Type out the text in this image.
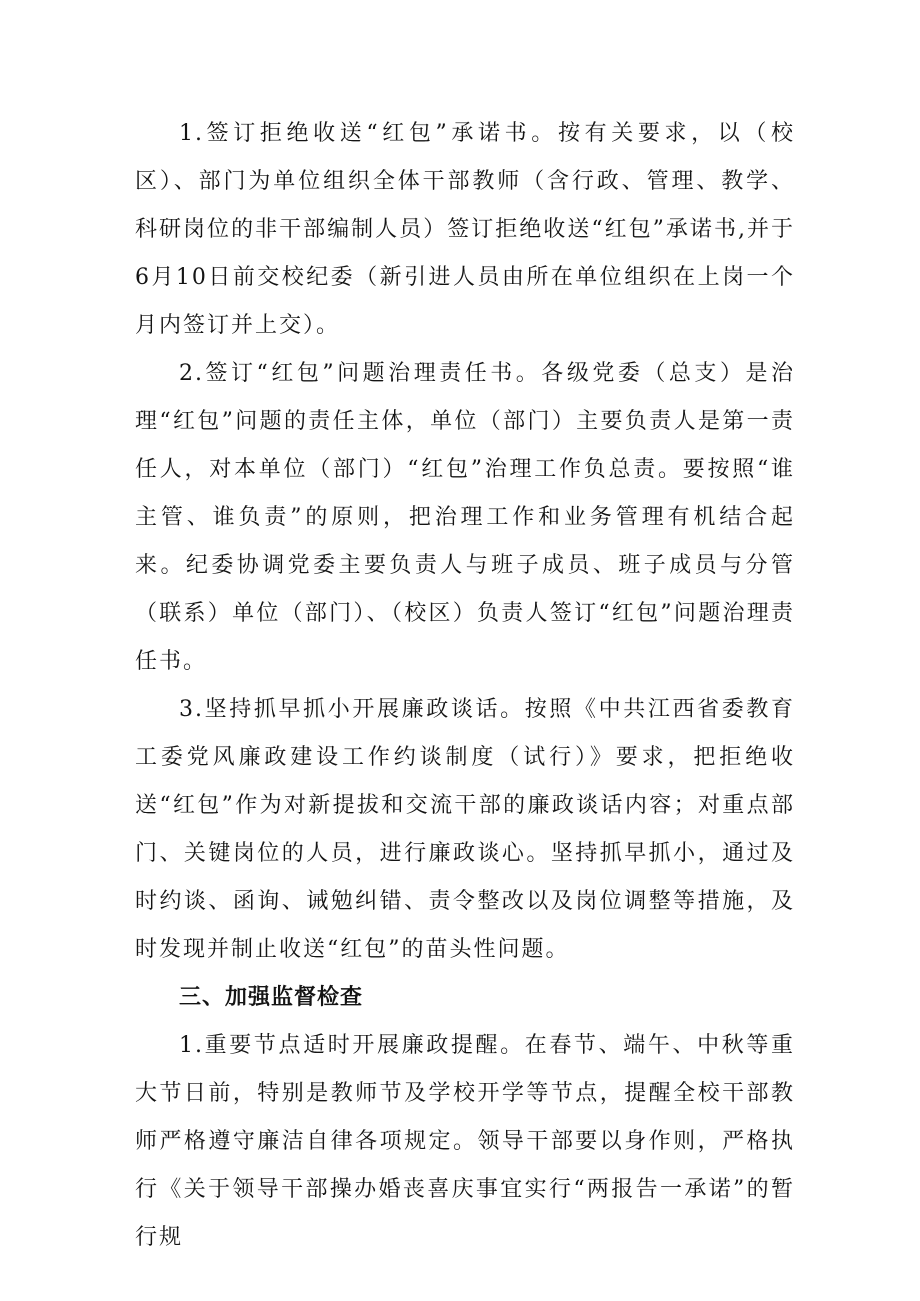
1.签订拒绝收送“红包”承诺书。按有关要求，以（校区）、部门为单位组织全体干部教师（含行政、管理、教学、科研岗位的非干部编制人员）签订拒绝收送“红包”承诺书,并于6月10日前交校纪委（新引进人员由所在单位组织在上岗一个月内签订并上交）。

2.签订“红包”问题治理责任书。各级党委（总支）是治理“红包”问题的责任主体，单位（部门）主要负责人是第一责任人，对本单位（部门）“红包”治理工作负总责。要按照“谁主管、谁负责”的原则，把治理工作和业务管理有机结合起来。纪委协调党委主要负责人与班子成员、班子成员与分管（联系）单位（部门）、（校区）负责人签订“红包”问题治理责任书。

3.坚持抓早抓小开展廉政谈话。按照《中共江西省委教育工委党风廉政建设工作约谈制度（试行）》要求，把拒绝收送“红包”作为对新提拔和交流干部的廉政谈话内容；对重点部门、关键岗位的人员，进行廉政谈心。坚持抓早抓小，通过及时约谈、函询、诫勉纠错、责令整改以及岗位调整等措施，及时发现并制止收送“红包”的苗头性问题。

三、加强监督检查

1.重要节点适时开展廉政提醒。在春节、端午、中秋等重大节日前，特别是教师节及学校开学等节点，提醒全校干部教师严格遵守廉洁自律各项规定。领导干部要以身作则，严格执行《关于领导干部操办婚丧喜庆事宜实行“两报告一承诺”的暂行规
